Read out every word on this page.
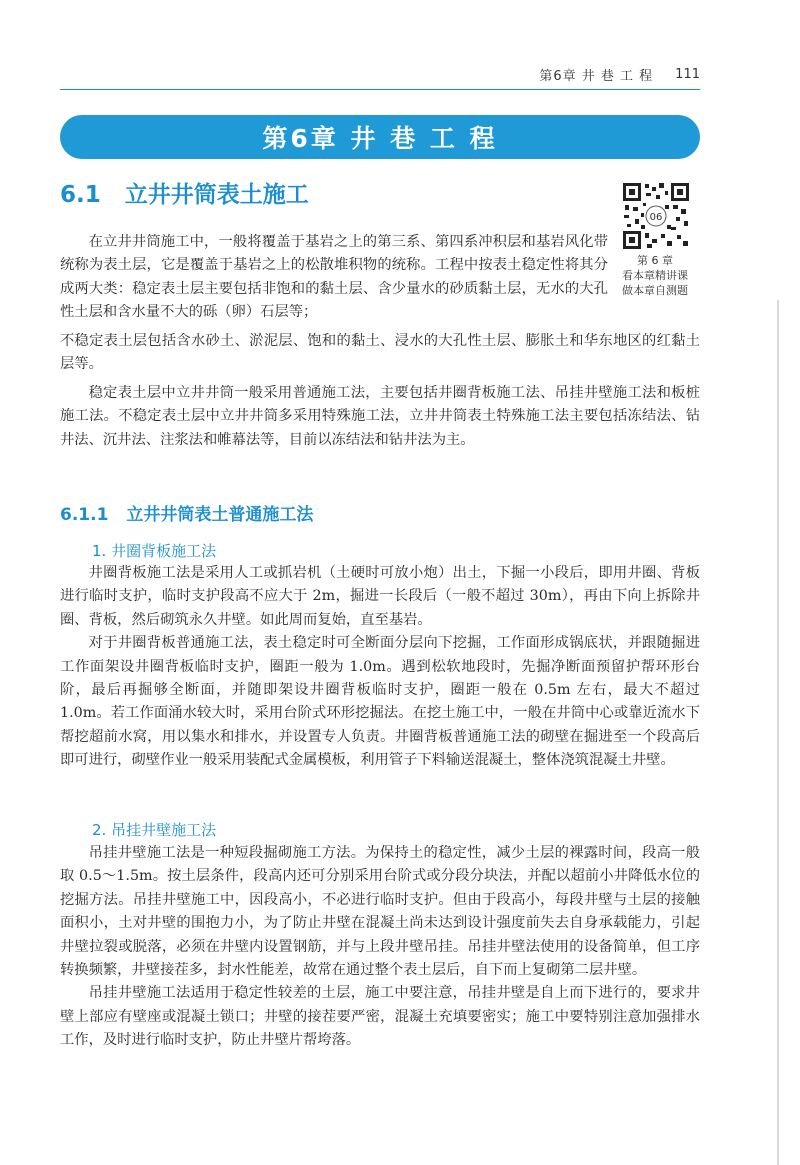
第6章 井 巷 工 程 111
第6章 井 巷 工 程
6.1 立井井筒表土施工
06
第 6 章
看本章精讲课
做本章自测题

在立井井筒施工中，一般将覆盖于基岩之上的第三系、第四系冲积层和基岩风化带统称为表土层，它是覆盖于基岩之上的松散堆积物的统称。工程中按表土稳定性将其分成两大类：稳定表土层主要包括非饱和的黏土层、含少量水的砂质黏土层，无水的大孔性土层和含水量不大的砾（卵）石层等；

不稳定表土层包括含水砂土、淤泥层、饱和的黏土、浸水的大孔性土层、膨胀土和华东地区的红黏土层等。

稳定表土层中立井井筒一般采用普通施工法，主要包括井圈背板施工法、吊挂井壁施工法和板桩施工法。不稳定表土层中立井井筒多采用特殊施工法，立井井筒表土特殊施工法主要包括冻结法、钻井法、沉井法、注浆法和帷幕法等，目前以冻结法和钻井法为主。

6.1.1 立井井筒表土普通施工法
1. 井圈背板施工法

井圈背板施工法是采用人工或抓岩机（土硬时可放小炮）出土，下掘一小段后，即用井圈、背板进行临时支护，临时支护段高不应大于 2m，掘进一长段后（一般不超过 30m），再由下向上拆除井圈、背板，然后砌筑永久井壁。如此周而复始，直至基岩。

对于井圈背板普通施工法，表土稳定时可全断面分层向下挖掘，工作面形成锅底状，并跟随掘进工作面架设井圈背板临时支护，圈距一般为 1.0m。遇到松软地段时，先掘净断面预留护帮环形台阶，最后再掘够全断面，并随即架设井圈背板临时支护，圈距一般在 0.5m 左右，最大不超过 1.0m。若工作面涌水较大时，采用台阶式环形挖掘法。在挖土施工中，一般在井筒中心或靠近流水下帮挖超前水窝，用以集水和排水，并设置专人负责。井圈背板普通施工法的砌壁在掘进至一个段高后即可进行，砌壁作业一般采用装配式金属模板，利用管子下料输送混凝土，整体浇筑混凝土井壁。

2. 吊挂井壁施工法

吊挂井壁施工法是一种短段掘砌施工方法。为保持土的稳定性，减少土层的裸露时间，段高一般取 0.5～1.5m。按土层条件，段高内还可分别采用台阶式或分段分块法，并配以超前小井降低水位的挖掘方法。吊挂井壁施工中，因段高小，不必进行临时支护。但由于段高小，每段井壁与土层的接触面积小，土对井壁的围抱力小，为了防止井壁在混凝土尚未达到设计强度前失去自身承载能力，引起井壁拉裂或脱落，必须在井壁内设置钢筋，并与上段井壁吊挂。吊挂井壁法使用的设备简单，但工序转换频繁，井壁接茬多，封水性能差，故常在通过整个表土层后，自下而上复砌第二层井壁。

吊挂井壁施工法适用于稳定性较差的土层，施工中要注意，吊挂井壁是自上而下进行的，要求井壁上部应有壁座或混凝土锁口；井壁的接茬要严密，混凝土充填要密实；施工中要特别注意加强排水工作，及时进行临时支护，防止井壁片帮垮落。
